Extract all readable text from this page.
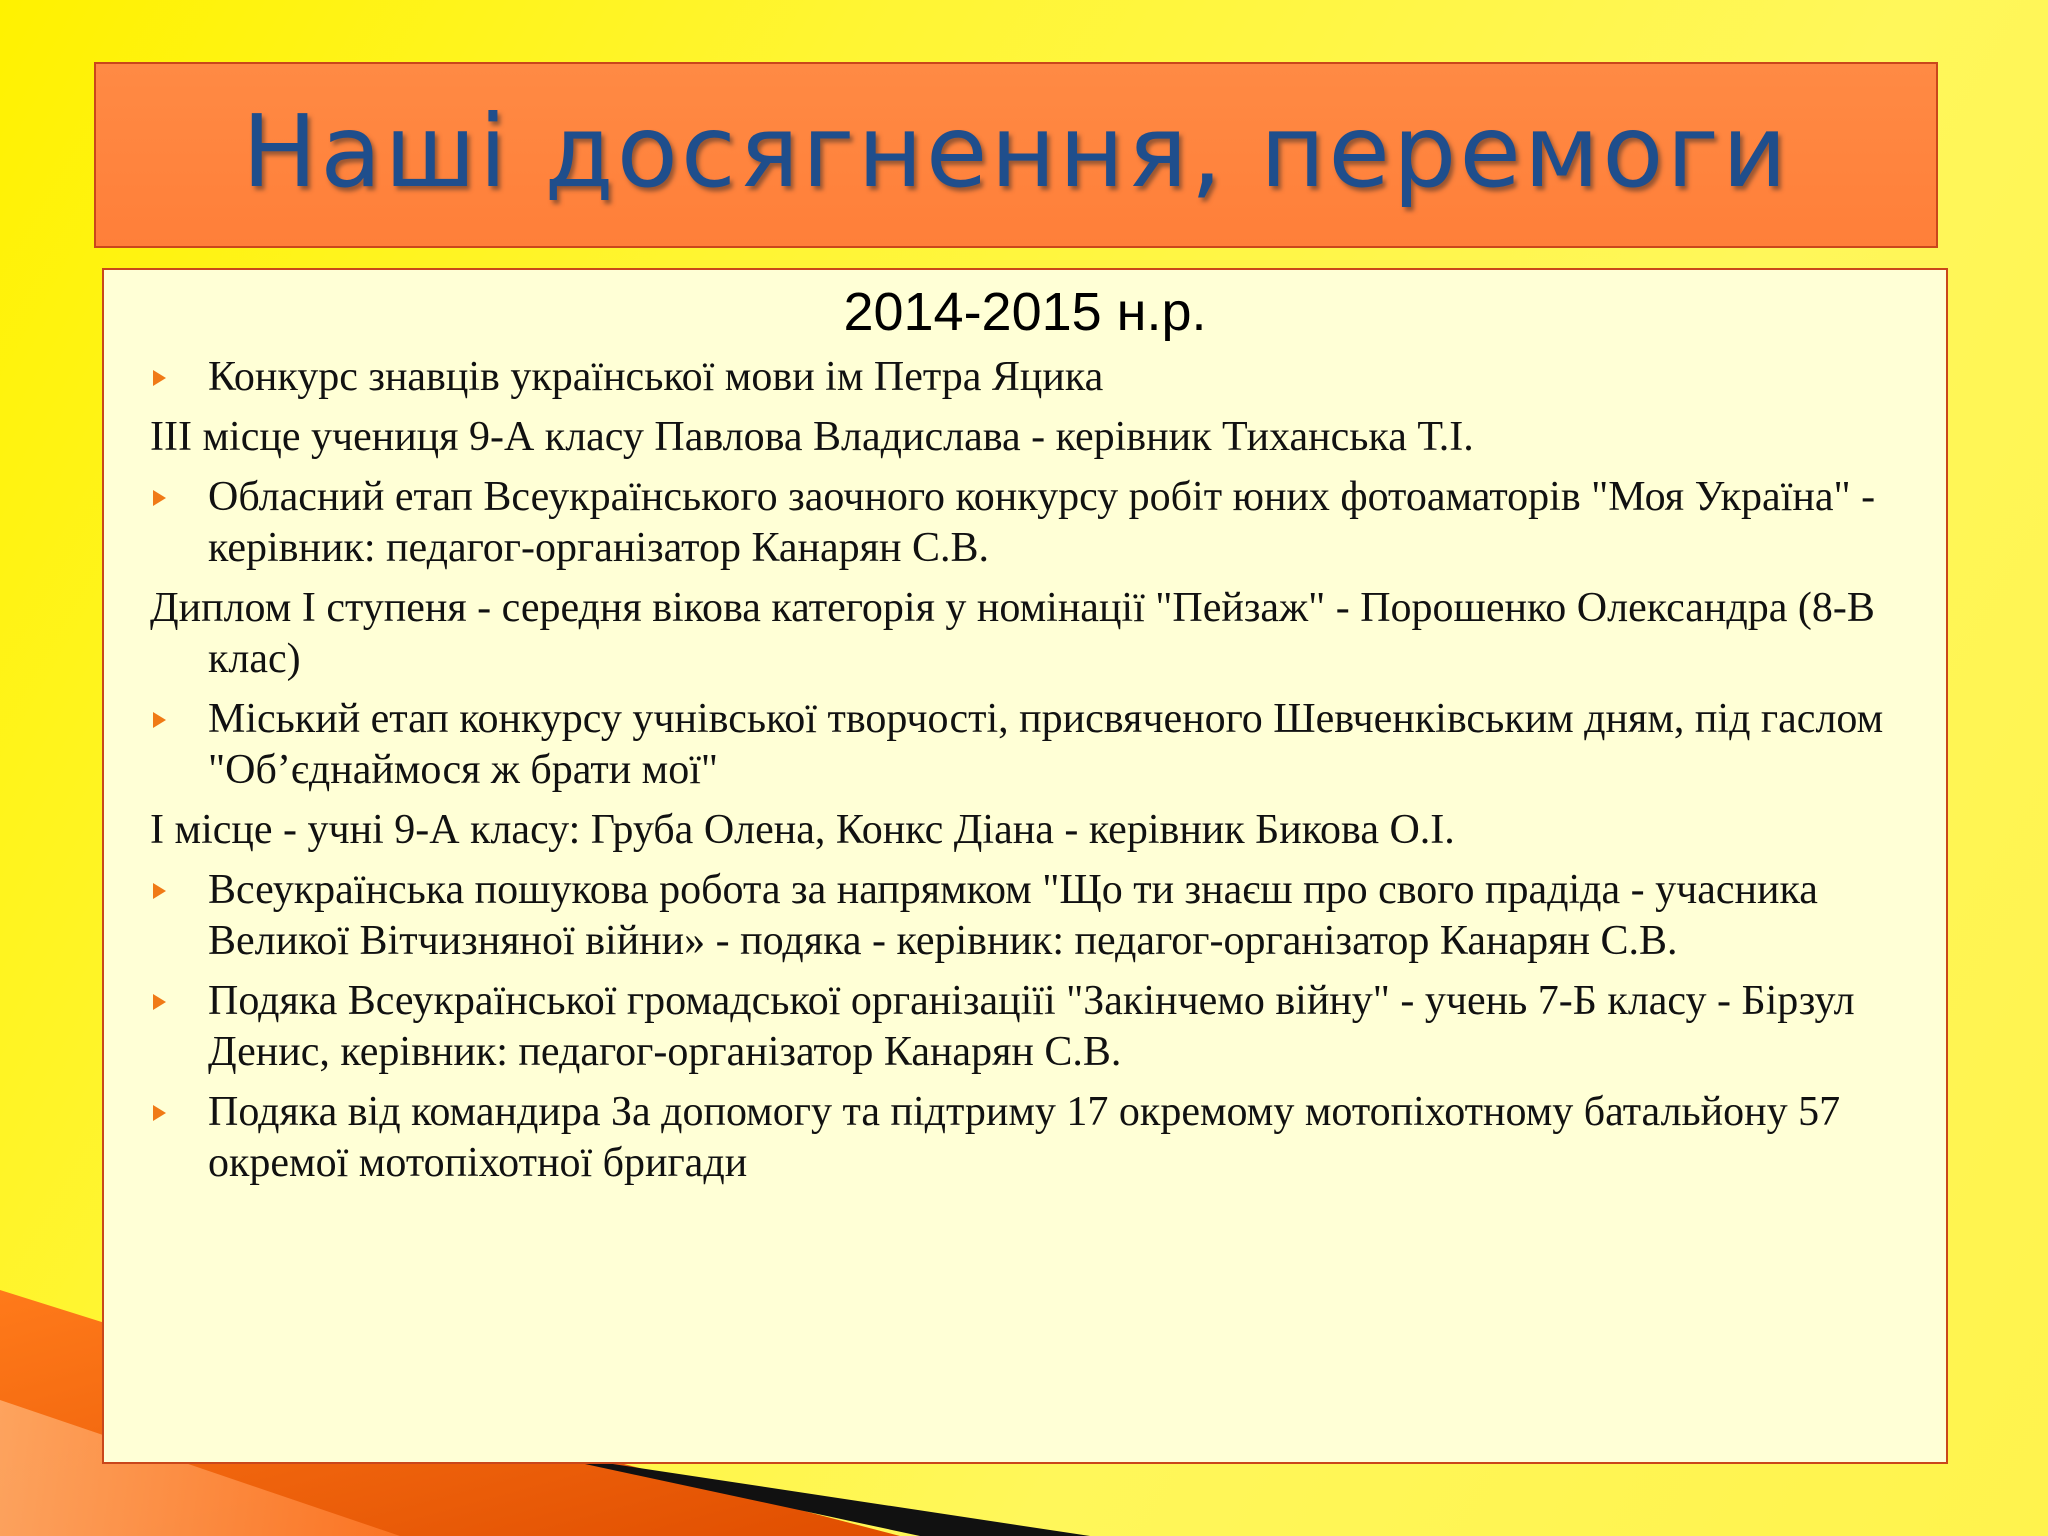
Наші досягнення, перемоги
2014-2015 н.р.
Конкурс знавців української мови ім Петра Яцика
ІІІ місце учениця 9-А класу Павлова Владислава - керівник Тиханська Т.І.
Обласний етап Всеукраїнського заочного конкурсу робіт юних фотоаматорів "Моя Україна" - керівник: педагог-організатор Канарян С.В.
Диплом І ступеня - середня вікова категорія у номінації "Пейзаж" - Порошенко Олександра (8-В клас)
Міський етап конкурсу учнівської творчості, присвяченого Шевченківським дням, під гаслом "Об’єднаймося ж брати мої"
І місце - учні 9-А класу: Груба Олена, Конкс Діана - керівник Бикова О.І.
Всеукраїнська пошукова робота за напрямком "Що ти знаєш про свого прадіда - учасника Великої Вітчизняної війни» - подяка - керівник: педагог-організатор Канарян С.В.
Подяка Всеукраїнської громадської організаціїі "Закінчемо війну" - учень 7-Б класу - Бірзул Денис, керівник: педагог-організатор Канарян С.В.
Подяка від командира За допомогу та підтриму 17 окремому мотопіхотному батальйону 57 окремої мотопіхотної бригади
